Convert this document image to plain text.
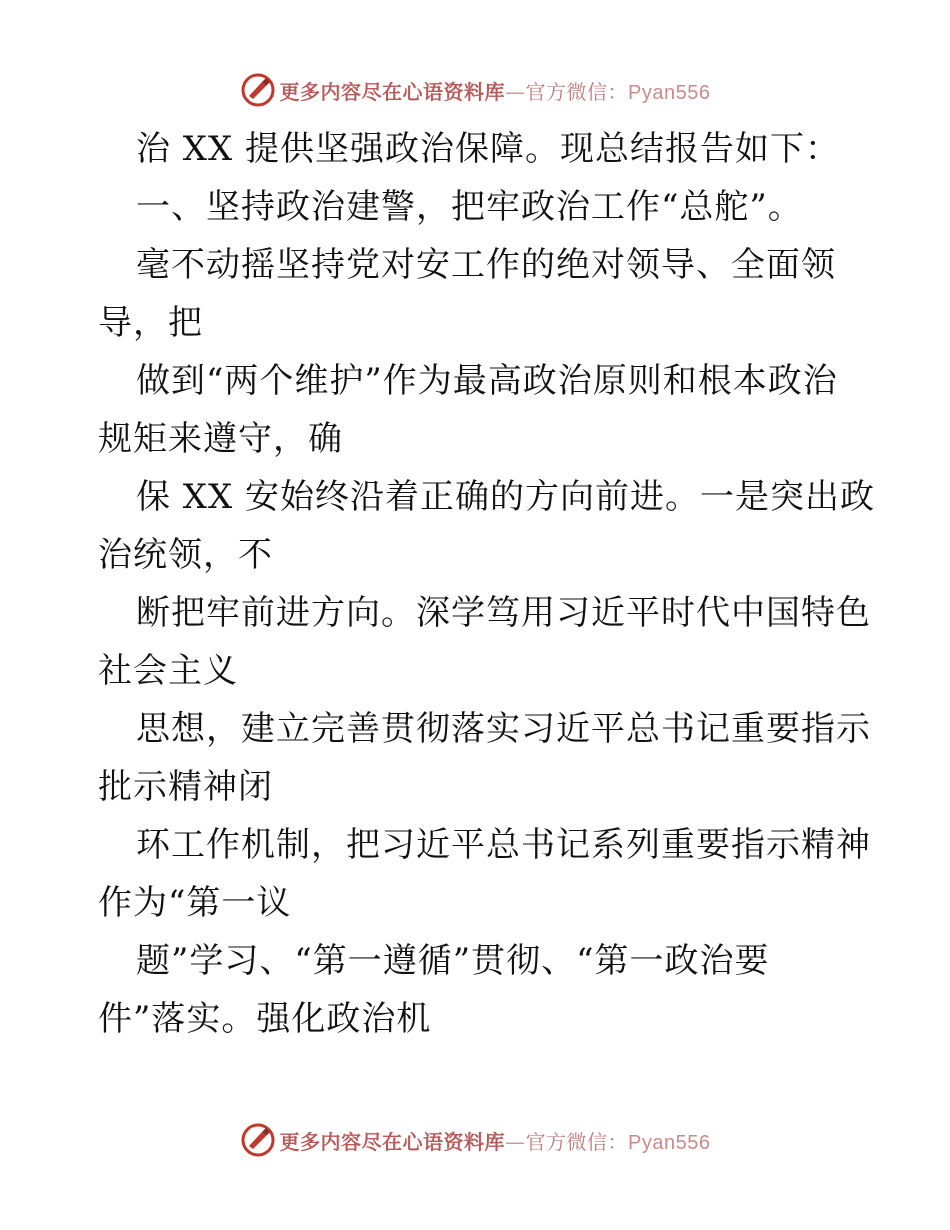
更多内容尽在心语资料库—官方微信：Pyan556
治 XX 提供坚强政治保障。现总结报告如下：
一、坚持政治建警，把牢政治工作“总舵”。
毫不动摇坚持党对安工作的绝对领导、全面领
导，把
做到“两个维护”作为最高政治原则和根本政治
规矩来遵守，确
保 XX 安始终沿着正确的方向前进。一是突出政
治统领，不
断把牢前进方向。深学笃用习近平时代中国特色
社会主义
思想，建立完善贯彻落实习近平总书记重要指示
批示精神闭
环工作机制，把习近平总书记系列重要指示精神
作为“第一议
题”学习、“第一遵循”贯彻、“第一政治要
件”落实。强化政治机
更多内容尽在心语资料库—官方微信：Pyan556
